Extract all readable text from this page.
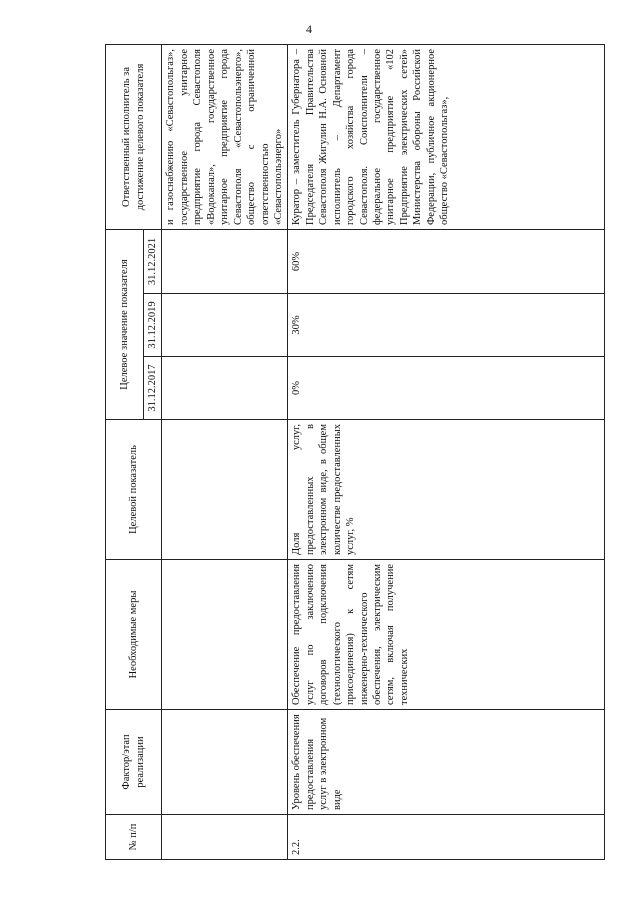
4
№ п/п	Фактор/этап реализации	Необходимые меры	Целевой показатель	Целевое значение показателя			Ответственный исполнитель за достижение целевого показателя
				31.12.2017	31.12.2019	31.12.2021	
							и газоснабжению «Севастопольгаз», государственное унитарное предприятие города Севастополя «Водоканал», государственное унитарное предприятие города Севастополя «Севастопольэнерго», общество с ограниченной ответственностью «Севастопольэнерго»
2.2.	Уровень обеспечения предоставления услуг в электронном виде	Обеспечение предоставления услуг по заключению договоров подключения (технологического присоединения) к сетям инженерно-технического обеспечения, электрическим сетям, включая получение технических	Доля услуг, предоставленных в электронном виде, в общем количестве предоставленных услуг, %	0%	30%	60%	Куратор – заместитель Губернатора – Председателя Правительства Севастополя Жигулин Н.А. Основной исполнитель – Департамент городского хозяйства города Севастополя. Соисполнители – федеральное государственное унитарное предприятие «102 Предприятие электрических сетей» Министерства обороны Российской Федерации, публичное акционерное общество «Севастопольгаз»,
